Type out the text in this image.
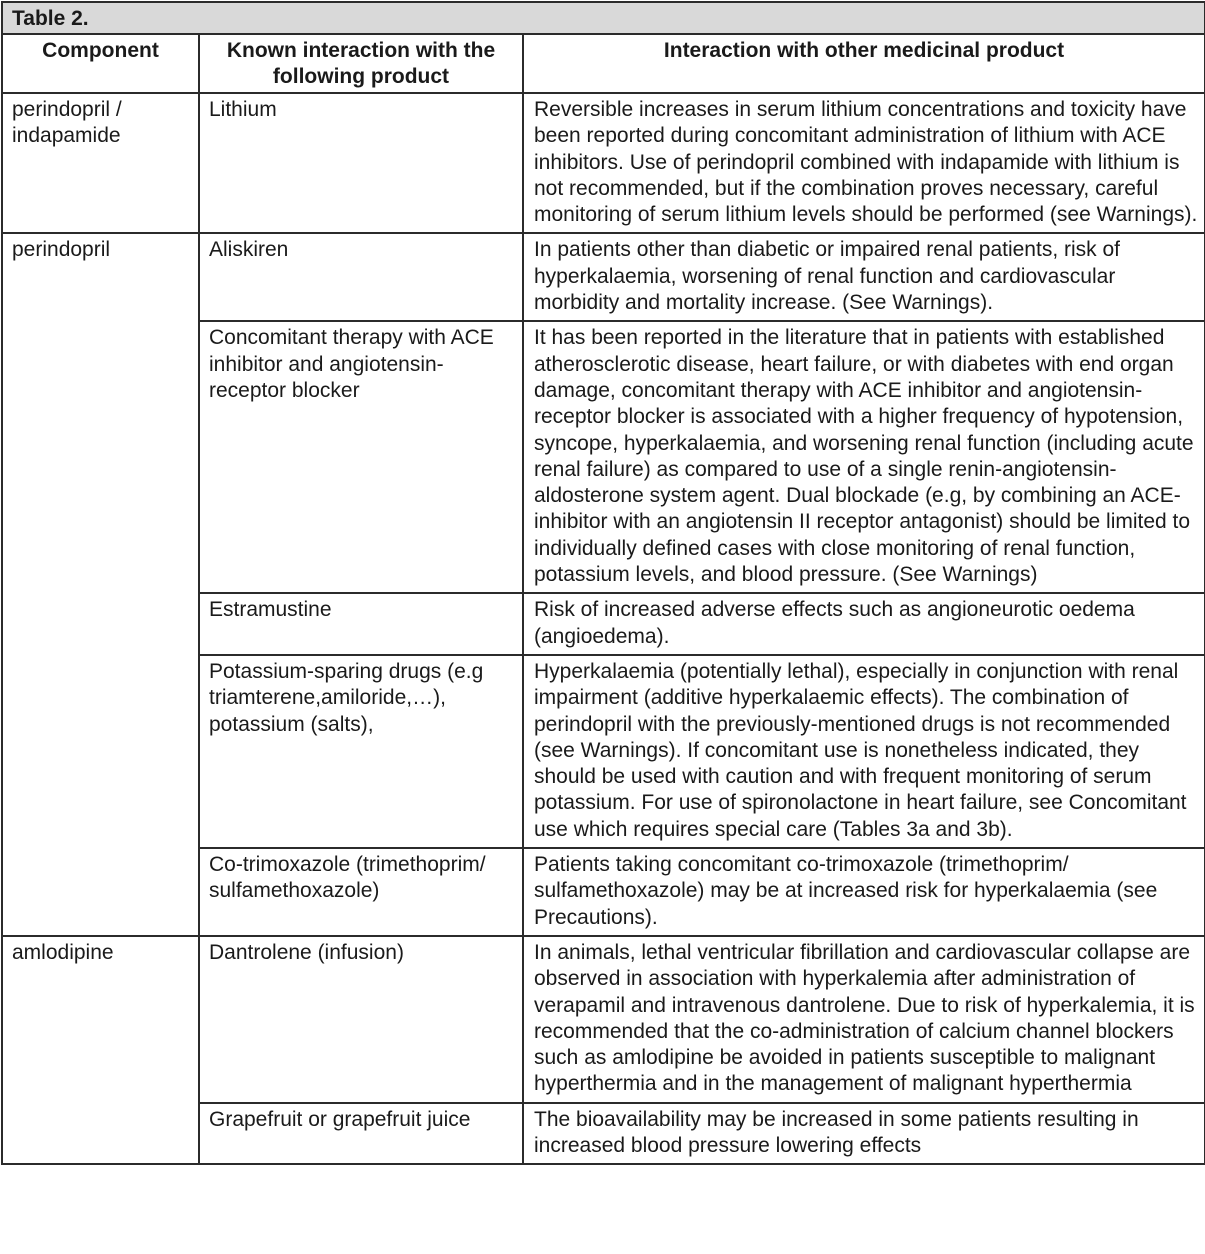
Table 2.		
Component	Known interaction with the following product	Interaction with other medicinal product
perindopril / indapamide	Lithium	Reversible increases in serum lithium concentrations and toxicity have been reported during concomitant administration of lithium with ACE inhibitors. Use of perindopril combined with indapamide with lithium is not recommended, but if the combination proves necessary, careful monitoring of serum lithium levels should be performed (see Warnings).
perindopril	Aliskiren	In patients other than diabetic or impaired renal patients, risk of hyperkalaemia, worsening of renal function and cardiovascular morbidity and mortality increase. (See Warnings).
	Concomitant therapy with ACE inhibitor and angiotensin-receptor blocker	It has been reported in the literature that in patients with established atherosclerotic disease, heart failure, or with diabetes with end organ damage, concomitant therapy with ACE inhibitor and angiotensin-receptor blocker is associated with a higher frequency of hypotension, syncope, hyperkalaemia, and worsening renal function (including acute renal failure) as compared to use of a single renin-angiotensin-aldosterone system agent. Dual blockade (e.g, by combining an ACE-inhibitor with an angiotensin II receptor antagonist) should be limited to individually defined cases with close monitoring of renal function, potassium levels, and blood pressure. (See Warnings)
	Estramustine	Risk of increased adverse effects such as angioneurotic oedema (angioedema).
	Potassium-sparing drugs (e.g triamterene,amiloride,…), potassium (salts),	Hyperkalaemia (potentially lethal), especially in conjunction with renal impairment (additive hyperkalaemic effects). The combination of perindopril with the previously-mentioned drugs is not recommended (see Warnings). If concomitant use is nonetheless indicated, they should be used with caution and with frequent monitoring of serum potassium. For use of spironolactone in heart failure, see Concomitant use which requires special care (Tables 3a and 3b).
	Co-trimoxazole (trimethoprim/ sulfamethoxazole)	Patients taking concomitant co-trimoxazole (trimethoprim/ sulfamethoxazole) may be at increased risk for hyperkalaemia (see Precautions).
amlodipine	Dantrolene (infusion)	In animals, lethal ventricular fibrillation and cardiovascular collapse are observed in association with hyperkalemia after administration of verapamil and intravenous dantrolene. Due to risk of hyperkalemia, it is recommended that the co-administration of calcium channel blockers such as amlodipine be avoided in patients susceptible to malignant hyperthermia and in the management of malignant hyperthermia
	Grapefruit or grapefruit juice	The bioavailability may be increased in some patients resulting in increased blood pressure lowering effects
